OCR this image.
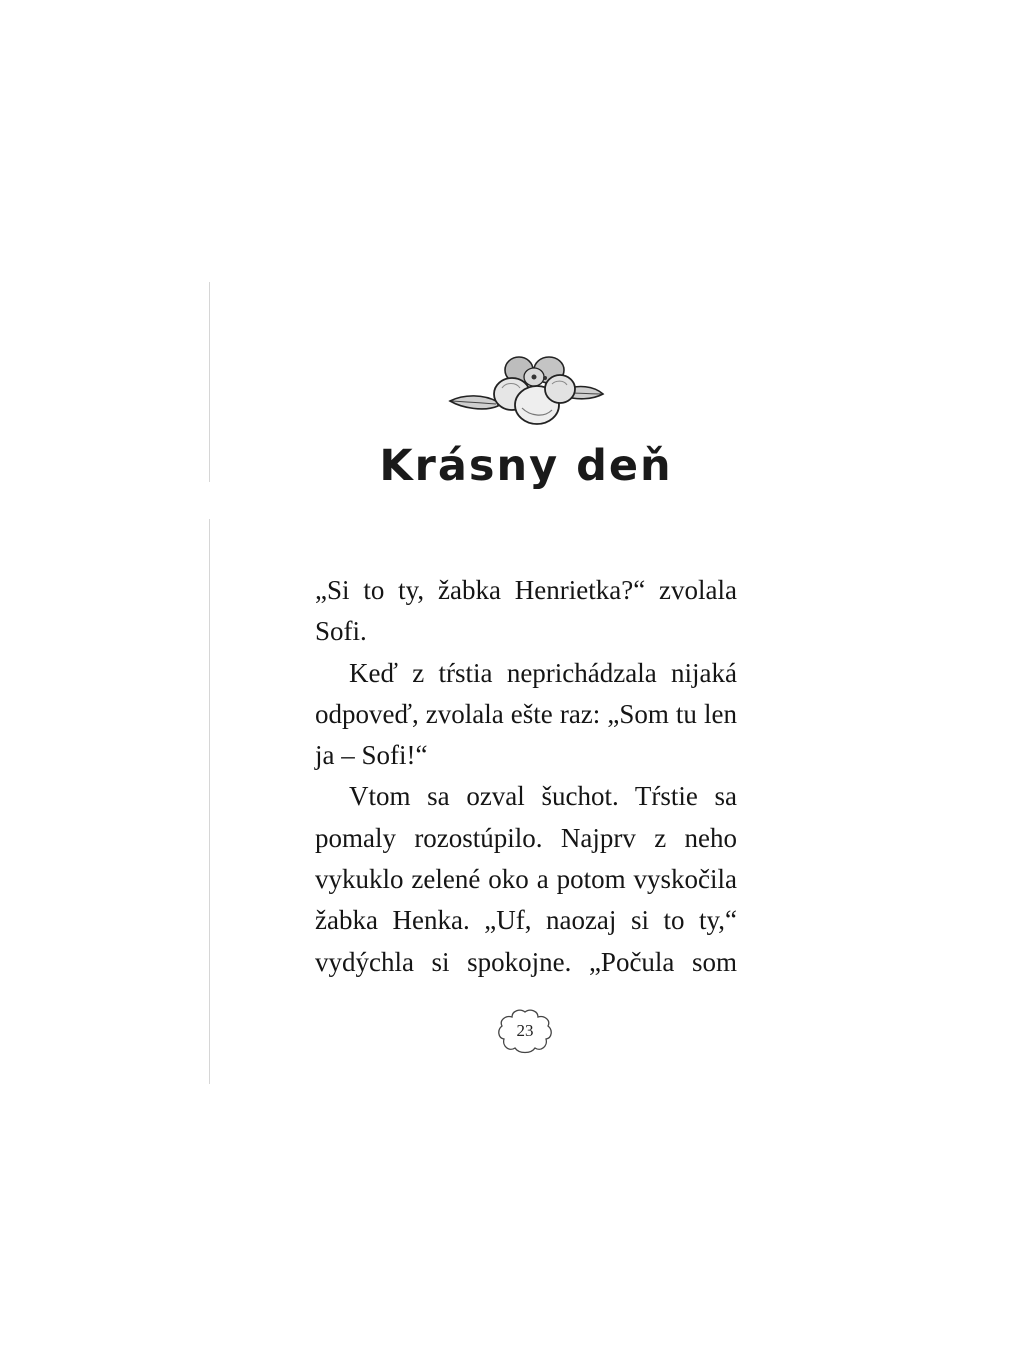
Krásny deň

„Si to ty, žabka Henrietka?“ zvolala
Sofi.

Keď z tŕstia neprichádzala nijaká
odpoveď, zvolala ešte raz: „Som tu len
ja – Sofi!“

Vtom sa ozval šuchot. Tŕstie sa
pomaly rozostúpilo. Najprv z neho
vykuklo zelené oko a potom vyskočila
žabka Henka. „Uf, naozaj si to ty,“
vydýchla si spokojne. „Počula som

23
